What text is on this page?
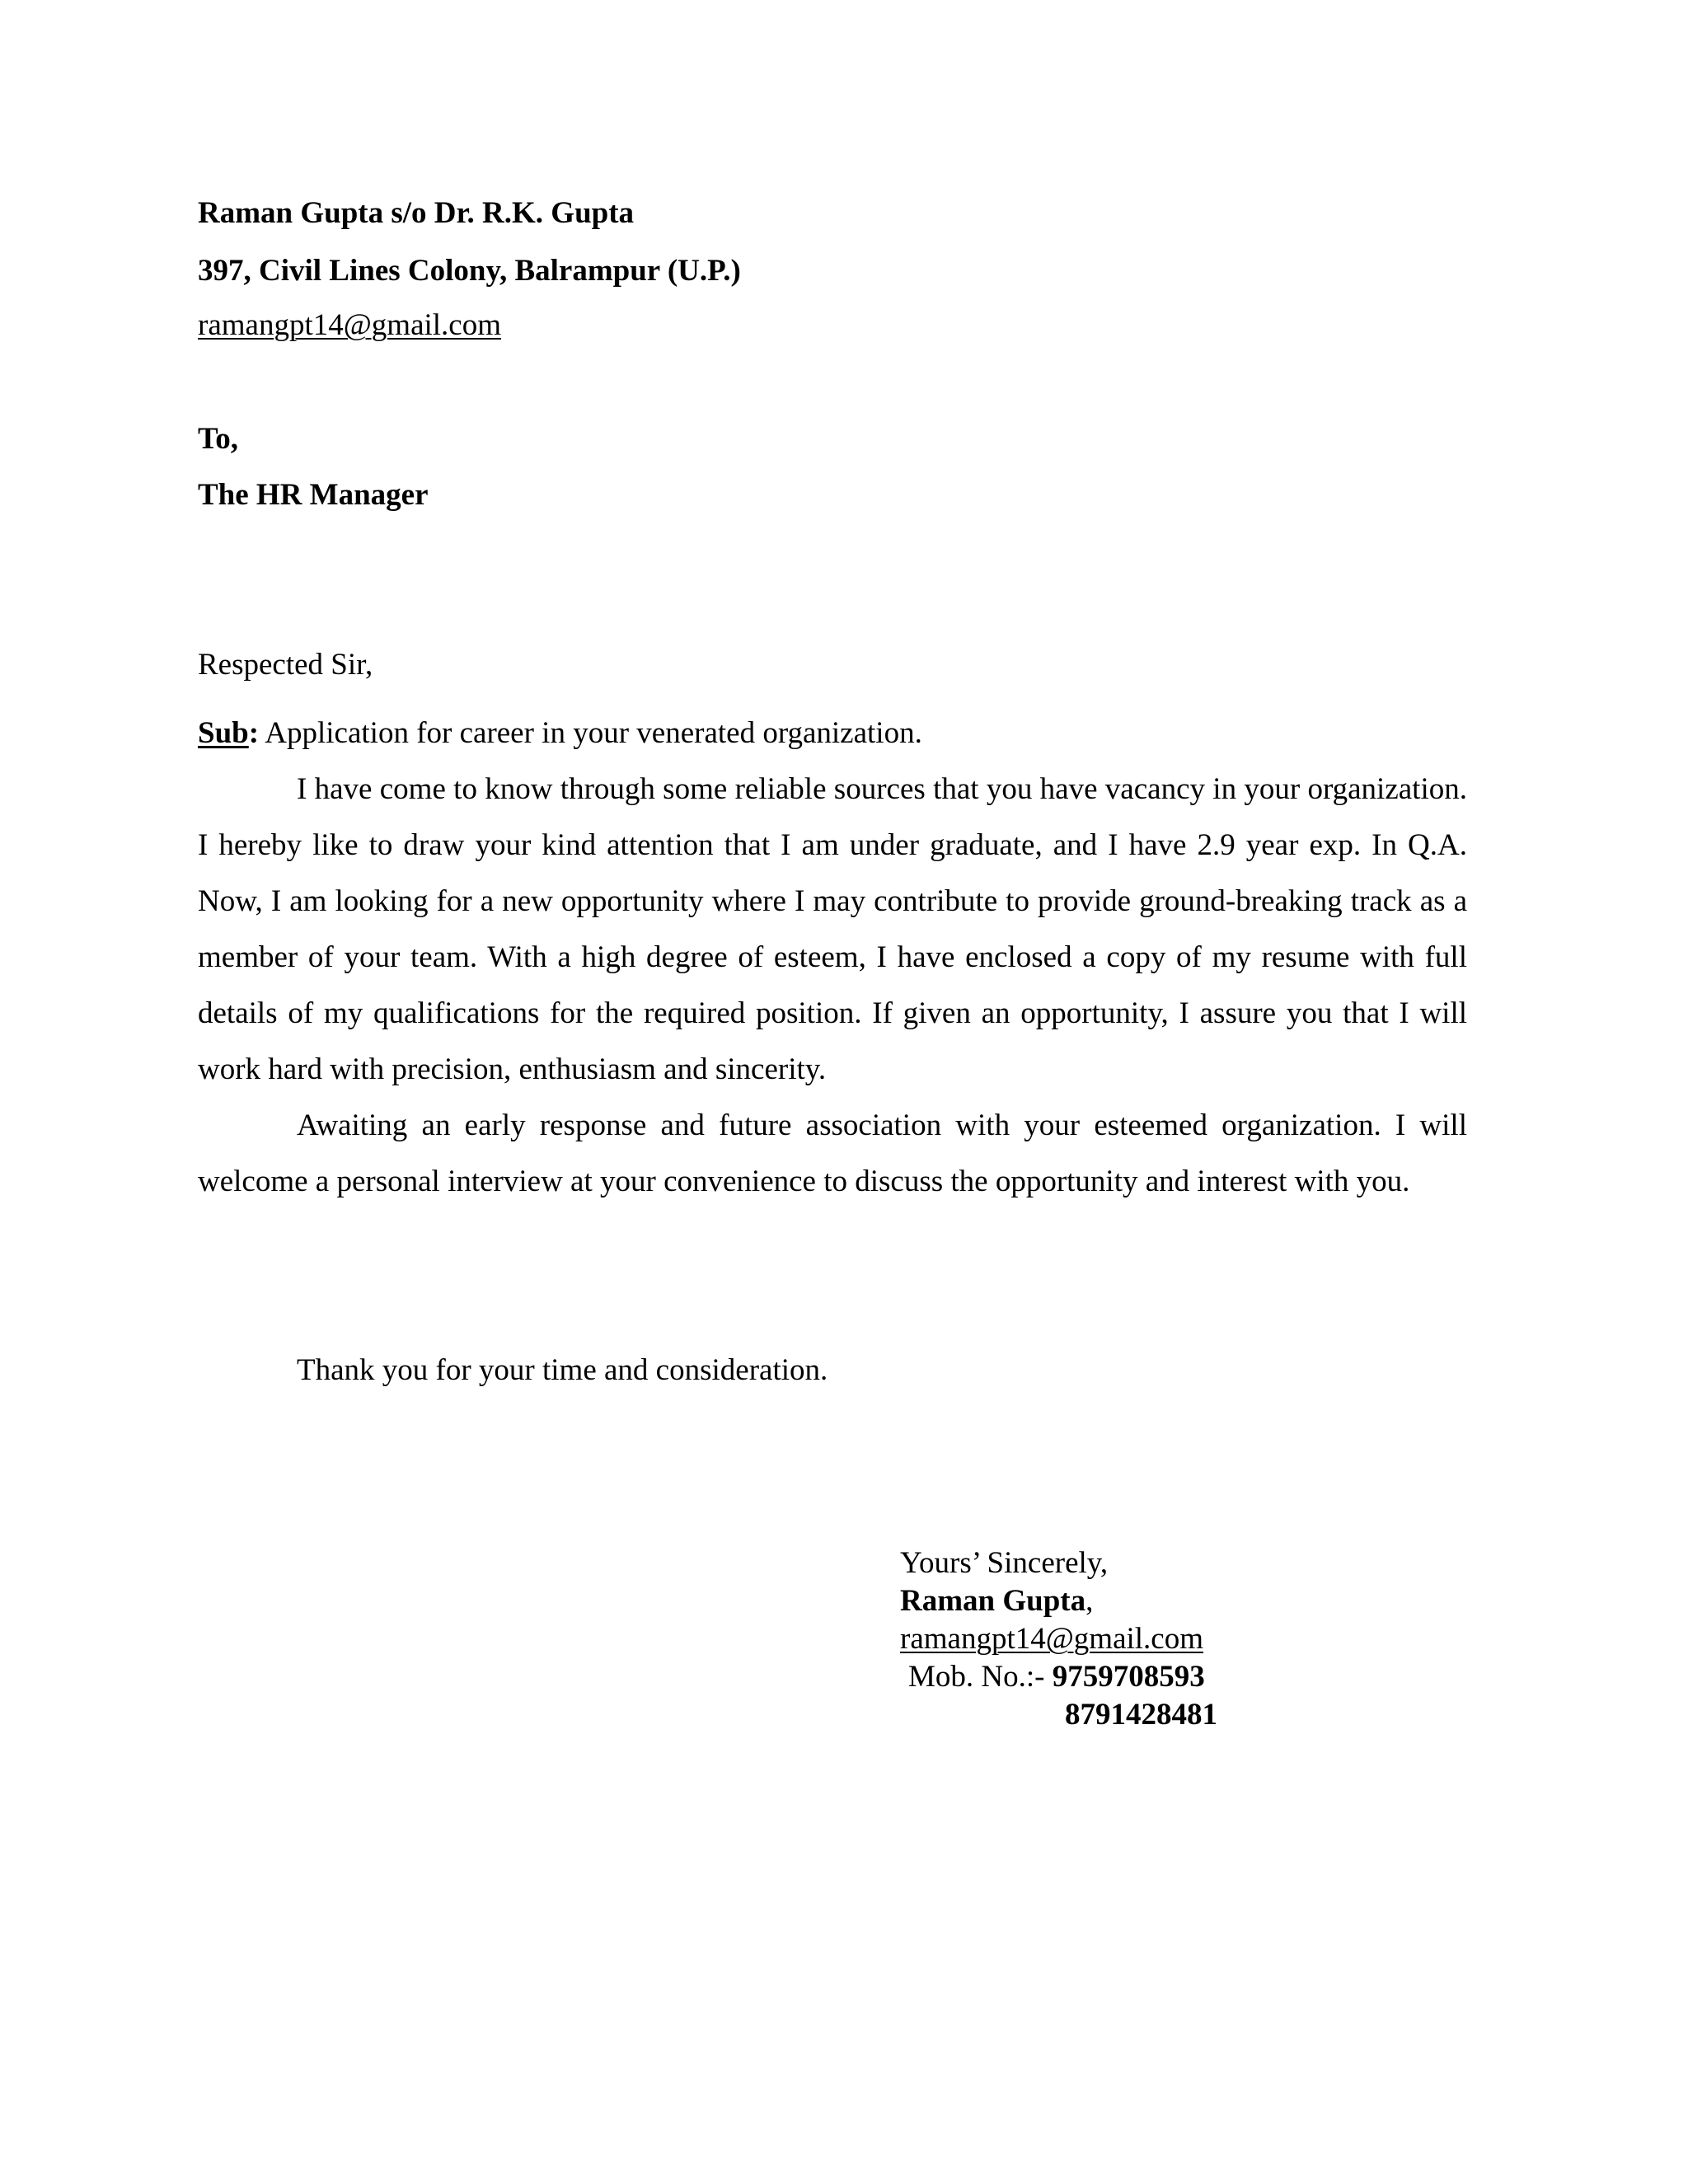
Raman Gupta s/o Dr. R.K. Gupta
397, Civil Lines Colony, Balrampur (U.P.)
ramangpt14@gmail.com
To,
The HR Manager
Respected Sir,

Sub: Application for career in your venerated organization.

I have come to know through some reliable sources that you have vacancy in your organization. I hereby like to draw your kind attention that I am under graduate, and I have 2.9 year exp. In Q.A. Now, I am looking for a new opportunity where I may contribute to provide ground-breaking track as a member of your team. With a high degree of esteem, I have enclosed a copy of my resume with full details of my qualifications for the required position. If given an opportunity, I assure you that I will work hard with precision, enthusiasm and sincerity.

Awaiting an early response and future association with your esteemed organization. I will welcome a personal interview at your convenience to discuss the opportunity and interest with you.

Thank you for your time and consideration.
Yours’ Sincerely,
Raman Gupta,
ramangpt14@gmail.com
Mob. No.:- 9759708593
8791428481
